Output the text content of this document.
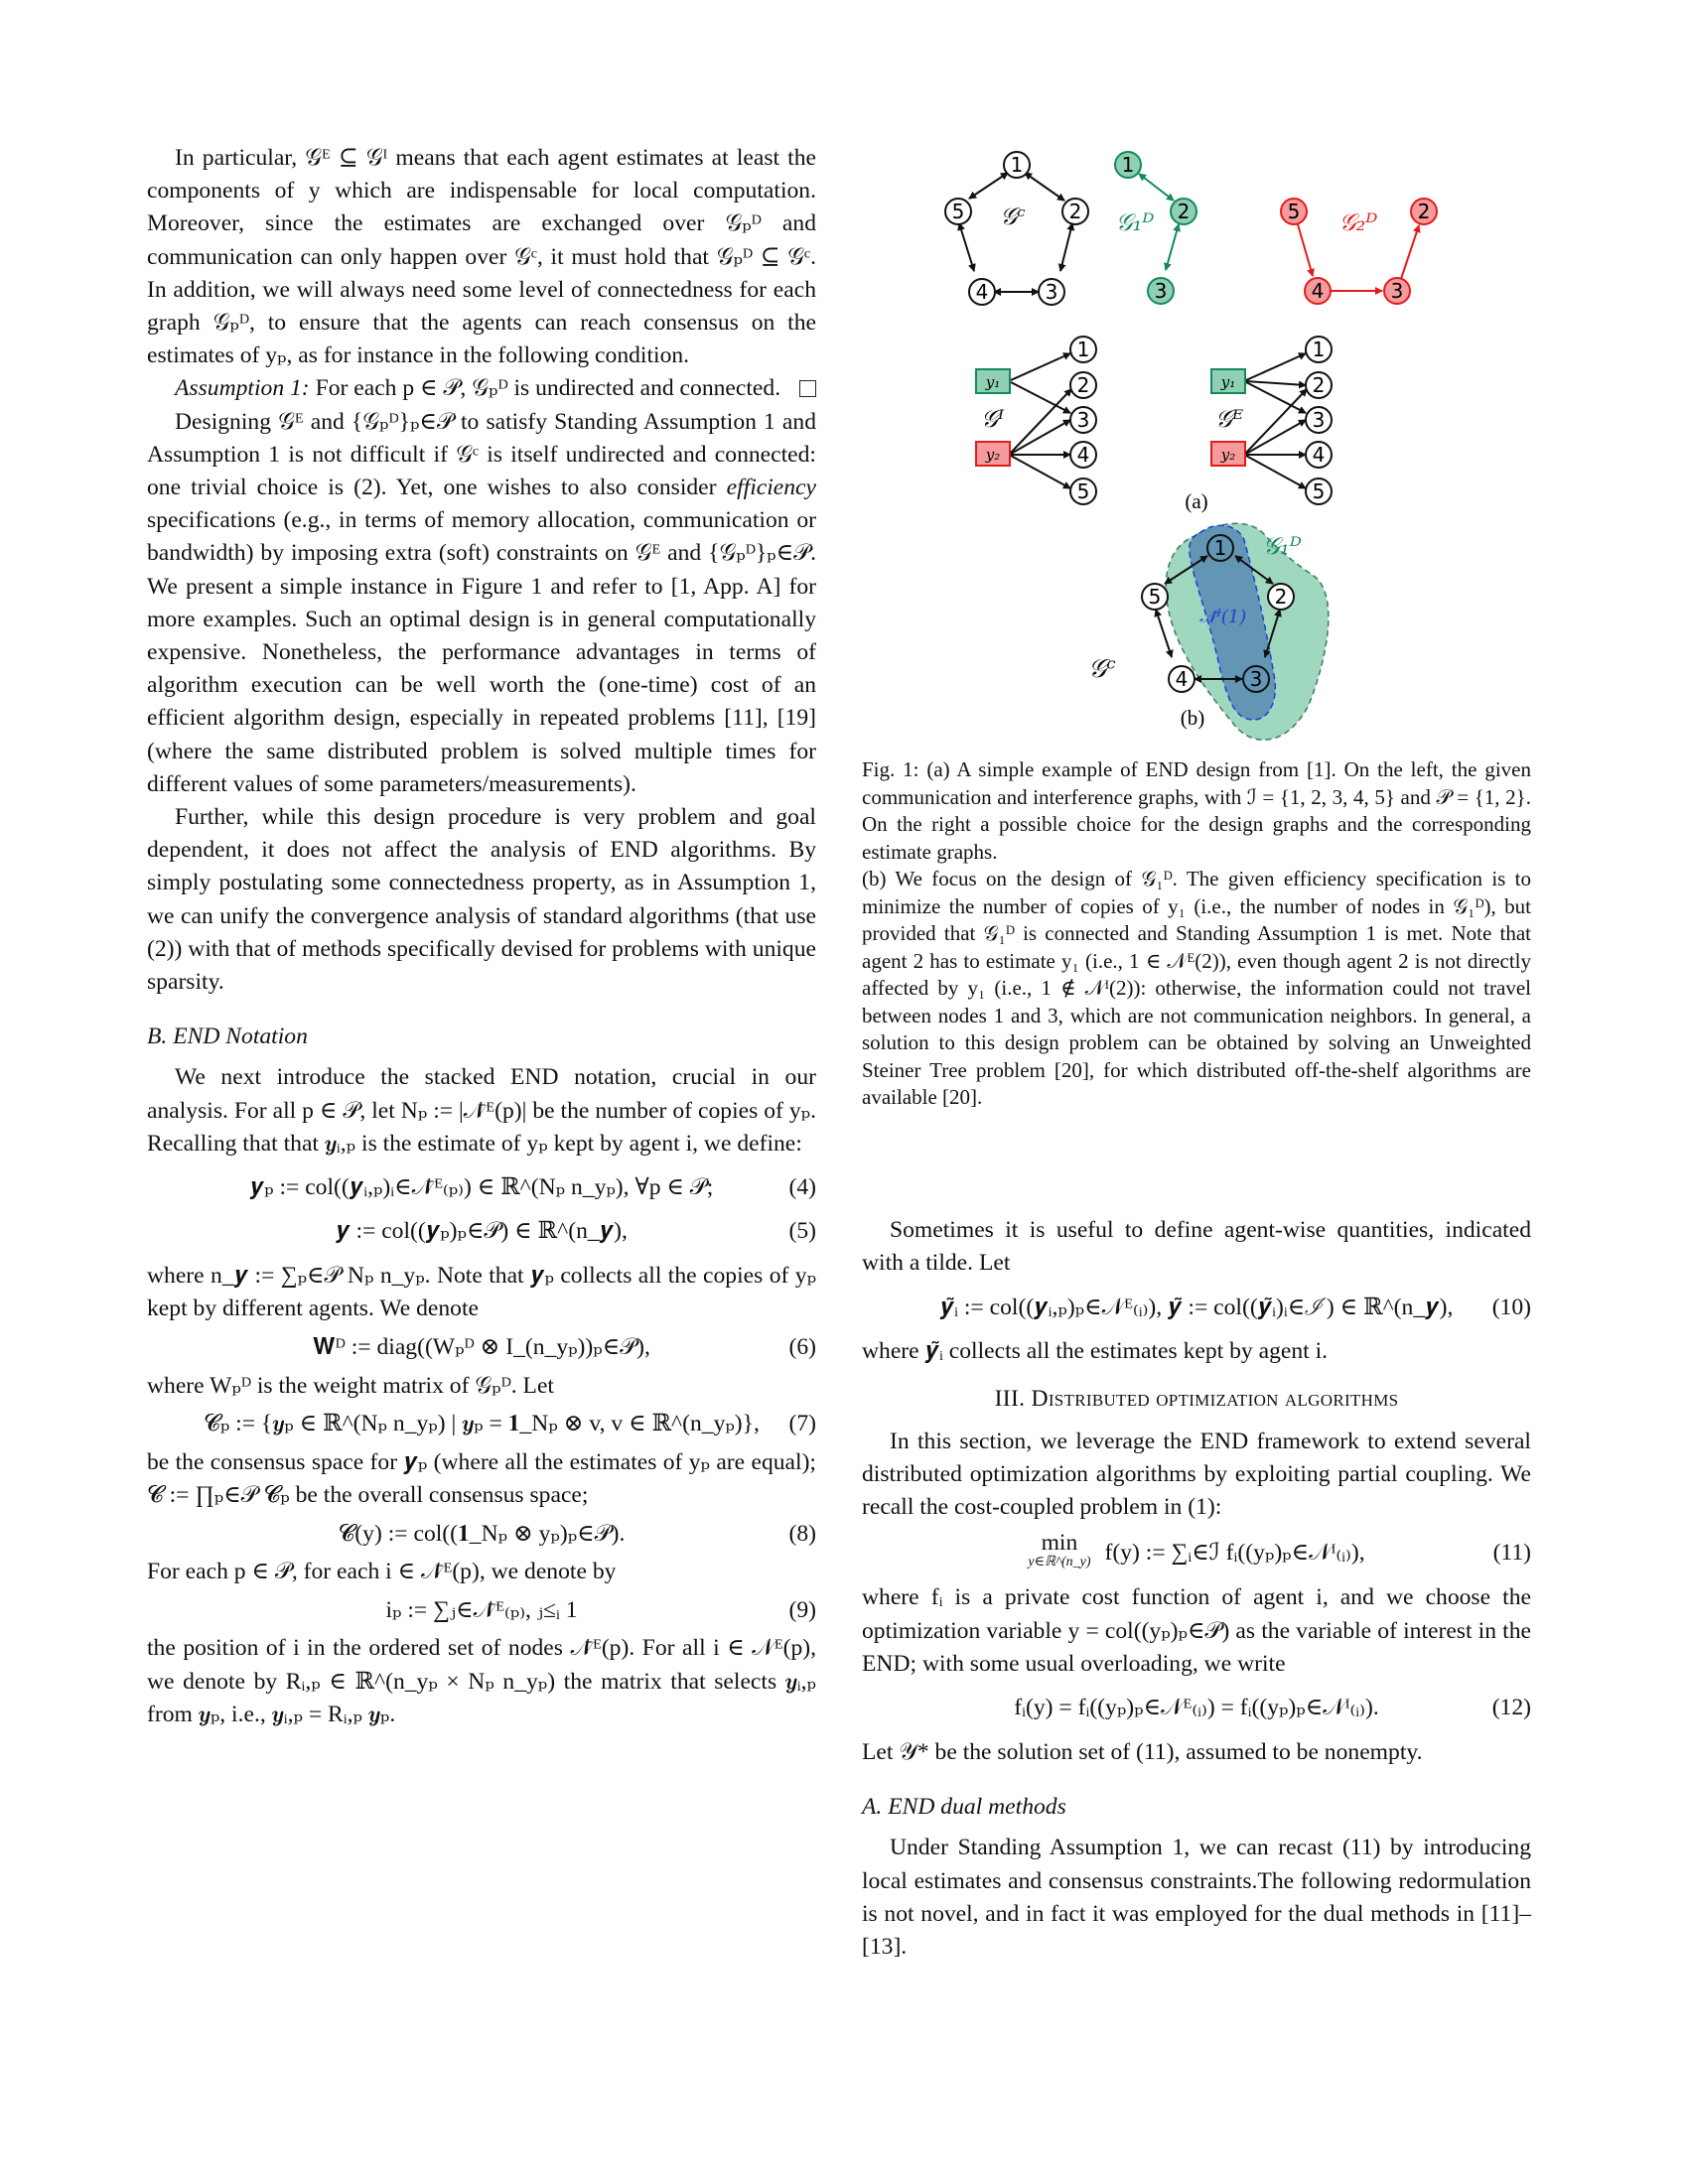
In particular, 𝒢ᴱ ⊆ 𝒢ᴵ means that each agent estimates at least the components of y which are indispensable for local computation. Moreover, since the estimates are exchanged over 𝒢ₚᴰ and communication can only happen over 𝒢ᶜ, it must hold that 𝒢ₚᴰ ⊆ 𝒢ᶜ. In addition, we will always need some level of connectedness for each graph 𝒢ₚᴰ, to ensure that the agents can reach consensus on the estimates of yₚ, as for instance in the following condition.

Assumption 1: For each p ∈ 𝒫, 𝒢ₚᴰ is undirected and connected.

Designing 𝒢ᴱ and {𝒢ₚᴰ}ₚ∈𝒫 to satisfy Standing Assumption 1 and Assumption 1 is not difficult if 𝒢ᶜ is itself undirected and connected: one trivial choice is (2). Yet, one wishes to also consider efficiency specifications (e.g., in terms of memory allocation, communication or bandwidth) by imposing extra (soft) constraints on 𝒢ᴱ and {𝒢ₚᴰ}ₚ∈𝒫. We present a simple instance in Figure 1 and refer to [1, App. A] for more examples. Such an optimal design is in general computationally expensive. Nonetheless, the performance advantages in terms of algorithm execution can be well worth the (one-time) cost of an efficient algorithm design, especially in repeated problems [11], [19] (where the same distributed problem is solved multiple times for different values of some parameters/measurements).

Further, while this design procedure is very problem and goal dependent, it does not affect the analysis of END algorithms. By simply postulating some connectedness property, as in Assumption 1, we can unify the convergence analysis of standard algorithms (that use (2)) with that of methods specifically devised for problems with unique sparsity.

B. END Notation

We next introduce the stacked END notation, crucial in our analysis. For all p ∈ 𝒫, let Nₚ := |𝒩̄ᴱ(p)| be the number of copies of yₚ. Recalling that that 𝒚ᵢ,ₚ is the estimate of yₚ kept by agent i, we define:

𝒚ₚ := col((𝒚ᵢ,ₚ)ᵢ∈𝒩̄ᴱ₍ₚ₎) ∈ ℝ^(Nₚ n_yₚ), ∀p ∈ 𝒫;	(4)
𝒚 := col((𝒚ₚ)ₚ∈𝒫) ∈ ℝ^(n_𝒚),	(5)

where n_𝒚 := ∑ₚ∈𝒫 Nₚ n_yₚ. Note that 𝒚ₚ collects all the copies of yₚ kept by different agents. We denote

𝐖ᴰ := diag((Wₚᴰ ⊗ I_(n_yₚ))ₚ∈𝒫),	(6)

where Wₚᴰ is the weight matrix of 𝒢ₚᴰ. Let

𝓒ₚ := {𝒚ₚ ∈ ℝ^(Nₚ n_yₚ) | 𝒚ₚ = 𝟏_Nₚ ⊗ v, v ∈ ℝ^(n_yₚ)}, (7)

be the consensus space for 𝒚ₚ (where all the estimates of yₚ are equal); 𝓒 := ∏ₚ∈𝒫 𝓒ₚ be the overall consensus space;

𝓒(y) := col((𝟏_Nₚ ⊗ yₚ)ₚ∈𝒫).	(8)

For each p ∈ 𝒫, for each i ∈ 𝒩̄ᴱ(p), we denote by

iₚ := ∑ⱼ∈𝒩̄ᴱ₍ₚ₎, ⱼ≤ᵢ 1	(9)

the position of i in the ordered set of nodes 𝒩̄ᴱ(p). For all i ∈ 𝒩ᴱ(p), we denote by Rᵢ,ₚ ∈ ℝ^(n_yₚ × Nₚ n_yₚ) the matrix that selects 𝒚ᵢ,ₚ from 𝒚ₚ, i.e., 𝒚ᵢ,ₚ = Rᵢ,ₚ 𝒚ₚ.

1
2
3
4
5 𝒢ᶜ
1
2
3
𝒢₁ᴰ	5	2
4	3
𝒢₂ᴰ
y₁
y₂
1
2
3
4
5
𝒢ᴵ
y₁
y₂
1
2
3
4
5
𝒢ᴱ
(a)
1
2
3
4
5
𝒢₁ᴰ
𝒩̄ᴵ(1)
𝒢ᶜ
(b)

Fig. 1: (a) A simple example of END design from [1]. On the left, the given communication and interference graphs, with ℐ = {1, 2, 3, 4, 5} and 𝒫 = {1, 2}. On the right a possible choice for the design graphs and the corresponding estimate graphs.

(b) We focus on the design of 𝒢₁ᴰ. The given efficiency specification is to minimize the number of copies of y₁ (i.e., the number of nodes in 𝒢₁ᴰ), but provided that 𝒢₁ᴰ is connected and Standing Assumption 1 is met. Note that agent 2 has to estimate y₁ (i.e., 1 ∈ 𝒩ᴱ(2)), even though agent 2 is not directly affected by y₁ (i.e., 1 ∉ 𝒩ᴵ(2)): otherwise, the information could not travel between nodes 1 and 3, which are not communication neighbors. In general, a solution to this design problem can be obtained by solving an Unweighted Steiner Tree problem [20], for which distributed off-the-shelf algorithms are available [20].

Sometimes it is useful to define agent-wise quantities, indicated with a tilde. Let

𝒚̃ᵢ := col((𝒚ᵢ,ₚ)ₚ∈𝒩ᴱ₍ᵢ₎), 𝒚̃ := col((𝒚̃ᵢ)ᵢ∈ℐ) ∈ ℝ^(n_𝒚), (10)

where 𝒚̃ᵢ collects all the estimates kept by agent i.

III. Distributed optimization algorithms

In this section, we leverage the END framework to extend several distributed optimization algorithms by exploiting partial coupling. We recall the cost-coupled problem in (1):

min
y∈ℝ^(n_y) f(y) := ∑ᵢ∈ℐ fᵢ((yₚ)ₚ∈𝒩ᴵ₍ᵢ₎),	(11)

where fᵢ is a private cost function of agent i, and we choose the optimization variable y = col((yₚ)ₚ∈𝒫) as the variable of interest in the END; with some usual overloading, we write

fᵢ(y) = fᵢ((yₚ)ₚ∈𝒩ᴱ₍ᵢ₎) = fᵢ((yₚ)ₚ∈𝒩ᴵ₍ᵢ₎).	(12)

Let 𝒴* be the solution set of (11), assumed to be nonempty.

A. END dual methods

Under Standing Assumption 1, we can recast (11) by introducing local estimates and consensus constraints.The following redormulation is not novel, and in fact it was employed for the dual methods in [11]–[13].
